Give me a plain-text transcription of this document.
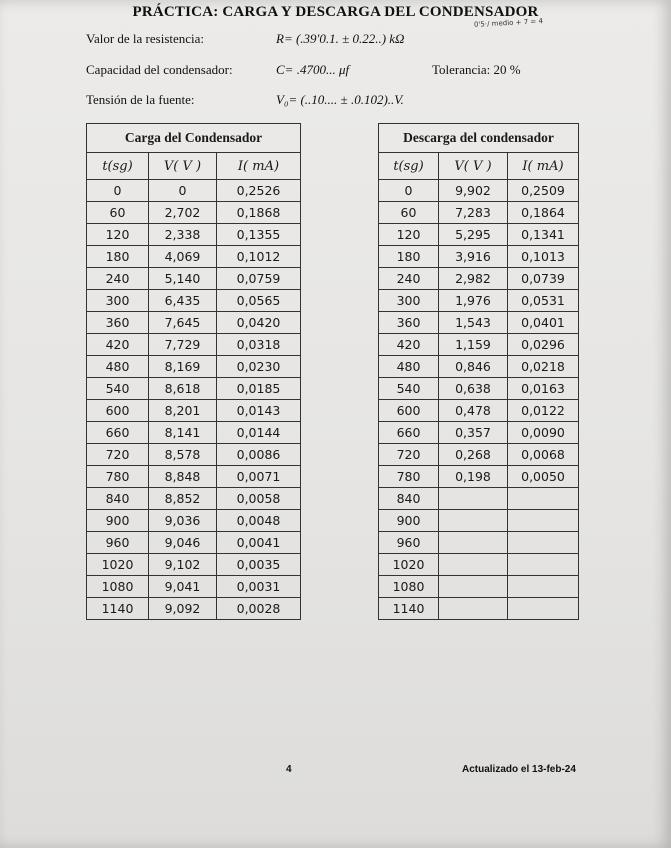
PRÁCTICA: CARGA Y DESCARGA DEL CONDENSADOR
0'5·/ medio + 7 = 4
Valor de la resistencia:	R= (.39'0.1. ± 0.22..) kΩ
Capacidad del condensador:	C= .4700... μf	Tolerancia: 20 %
Tensión de la fuente:	V₀= (..10.... ± .0.102)..V.
Carga del Condensador		
t(sg)	V( V )	I( mA)
0	0	0,2526
60	2,702	0,1868
120	2,338	0,1355
180	4,069	0,1012
240	5,140	0,0759
300	6,435	0,0565
360	7,645	0,0420
420	7,729	0,0318
480	8,169	0,0230
540	8,618	0,0185
600	8,201	0,0143
660	8,141	0,0144
720	8,578	0,0086
780	8,848	0,0071
840	8,852	0,0058
900	9,036	0,0048
960	9,046	0,0041
1020	9,102	0,0035
1080	9,041	0,0031
1140	9,092	0,0028
Descarga del condensador		
t(sg)	V( V )	I( mA)
0	9,902	0,2509
60	7,283	0,1864
120	5,295	0,1341
180	3,916	0,1013
240	2,982	0,0739
300	1,976	0,0531
360	1,543	0,0401
420	1,159	0,0296
480	0,846	0,0218
540	0,638	0,0163
600	0,478	0,0122
660	0,357	0,0090
720	0,268	0,0068
780	0,198	0,0050
840		
900		
960		
1020		
1080		
1140		
4	Actualizado el 13-feb-24
